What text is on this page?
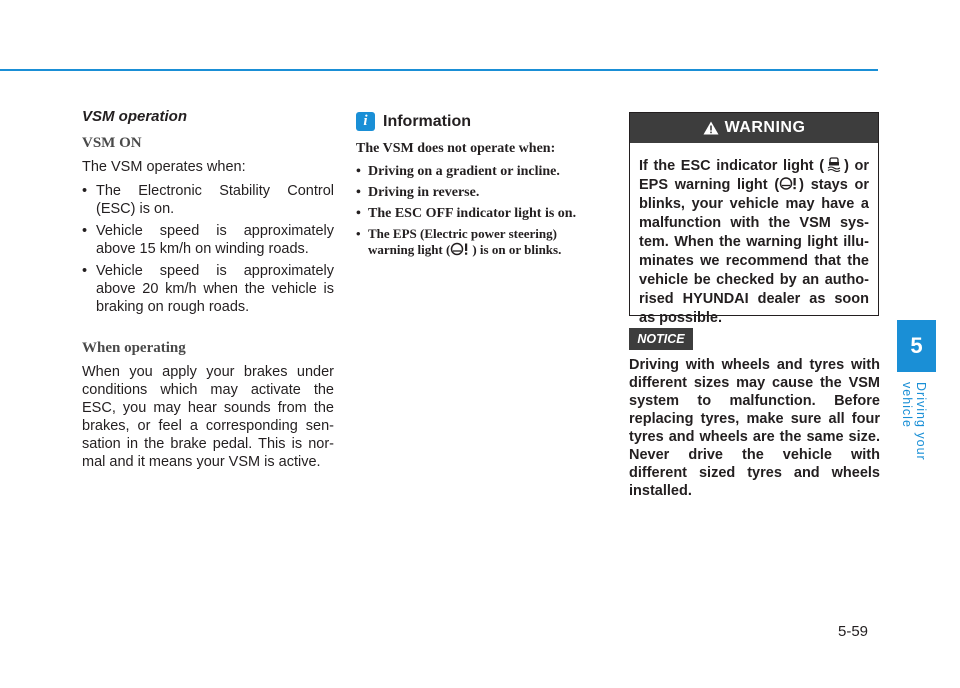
VSM operation

VSM ON

The VSM operates when:

• The Electronic Stability Control (ESC) is on.
• Vehicle speed is approximately above 15 km/h on winding roads.
• Vehicle speed is approximately above 20 km/h when the vehicle is braking on rough roads.

When operating

When you apply your brakes under conditions which may activate the ESC, you may hear sounds from the brakes, or feel a corresponding sen-sation in the brake pedal. This is nor-mal and it means your VSM is active.

i Information

The VSM does not operate when:

• Driving on a gradient or incline.
• Driving in reverse.
• The ESC OFF indicator light is on.
• The EPS (Electric power steering) warning light ( ) is on or blinks.
WARNING

If the ESC indicator light ( ) or EPS warning light ( ) stays or blinks, your vehicle may have a malfunction with the VSM sys-tem. When the warning light illu-minates we recommend that the vehicle be checked by an autho-rised HYUNDAI dealer as soon as possible.

NOTICE

Driving with wheels and tyres with different sizes may cause the VSM system to malfunction. Before replacing tyres, make sure all four tyres and wheels are the same size. Never drive the vehicle with different sized tyres and wheels installed.

5
Driving your vehicle
5-59
